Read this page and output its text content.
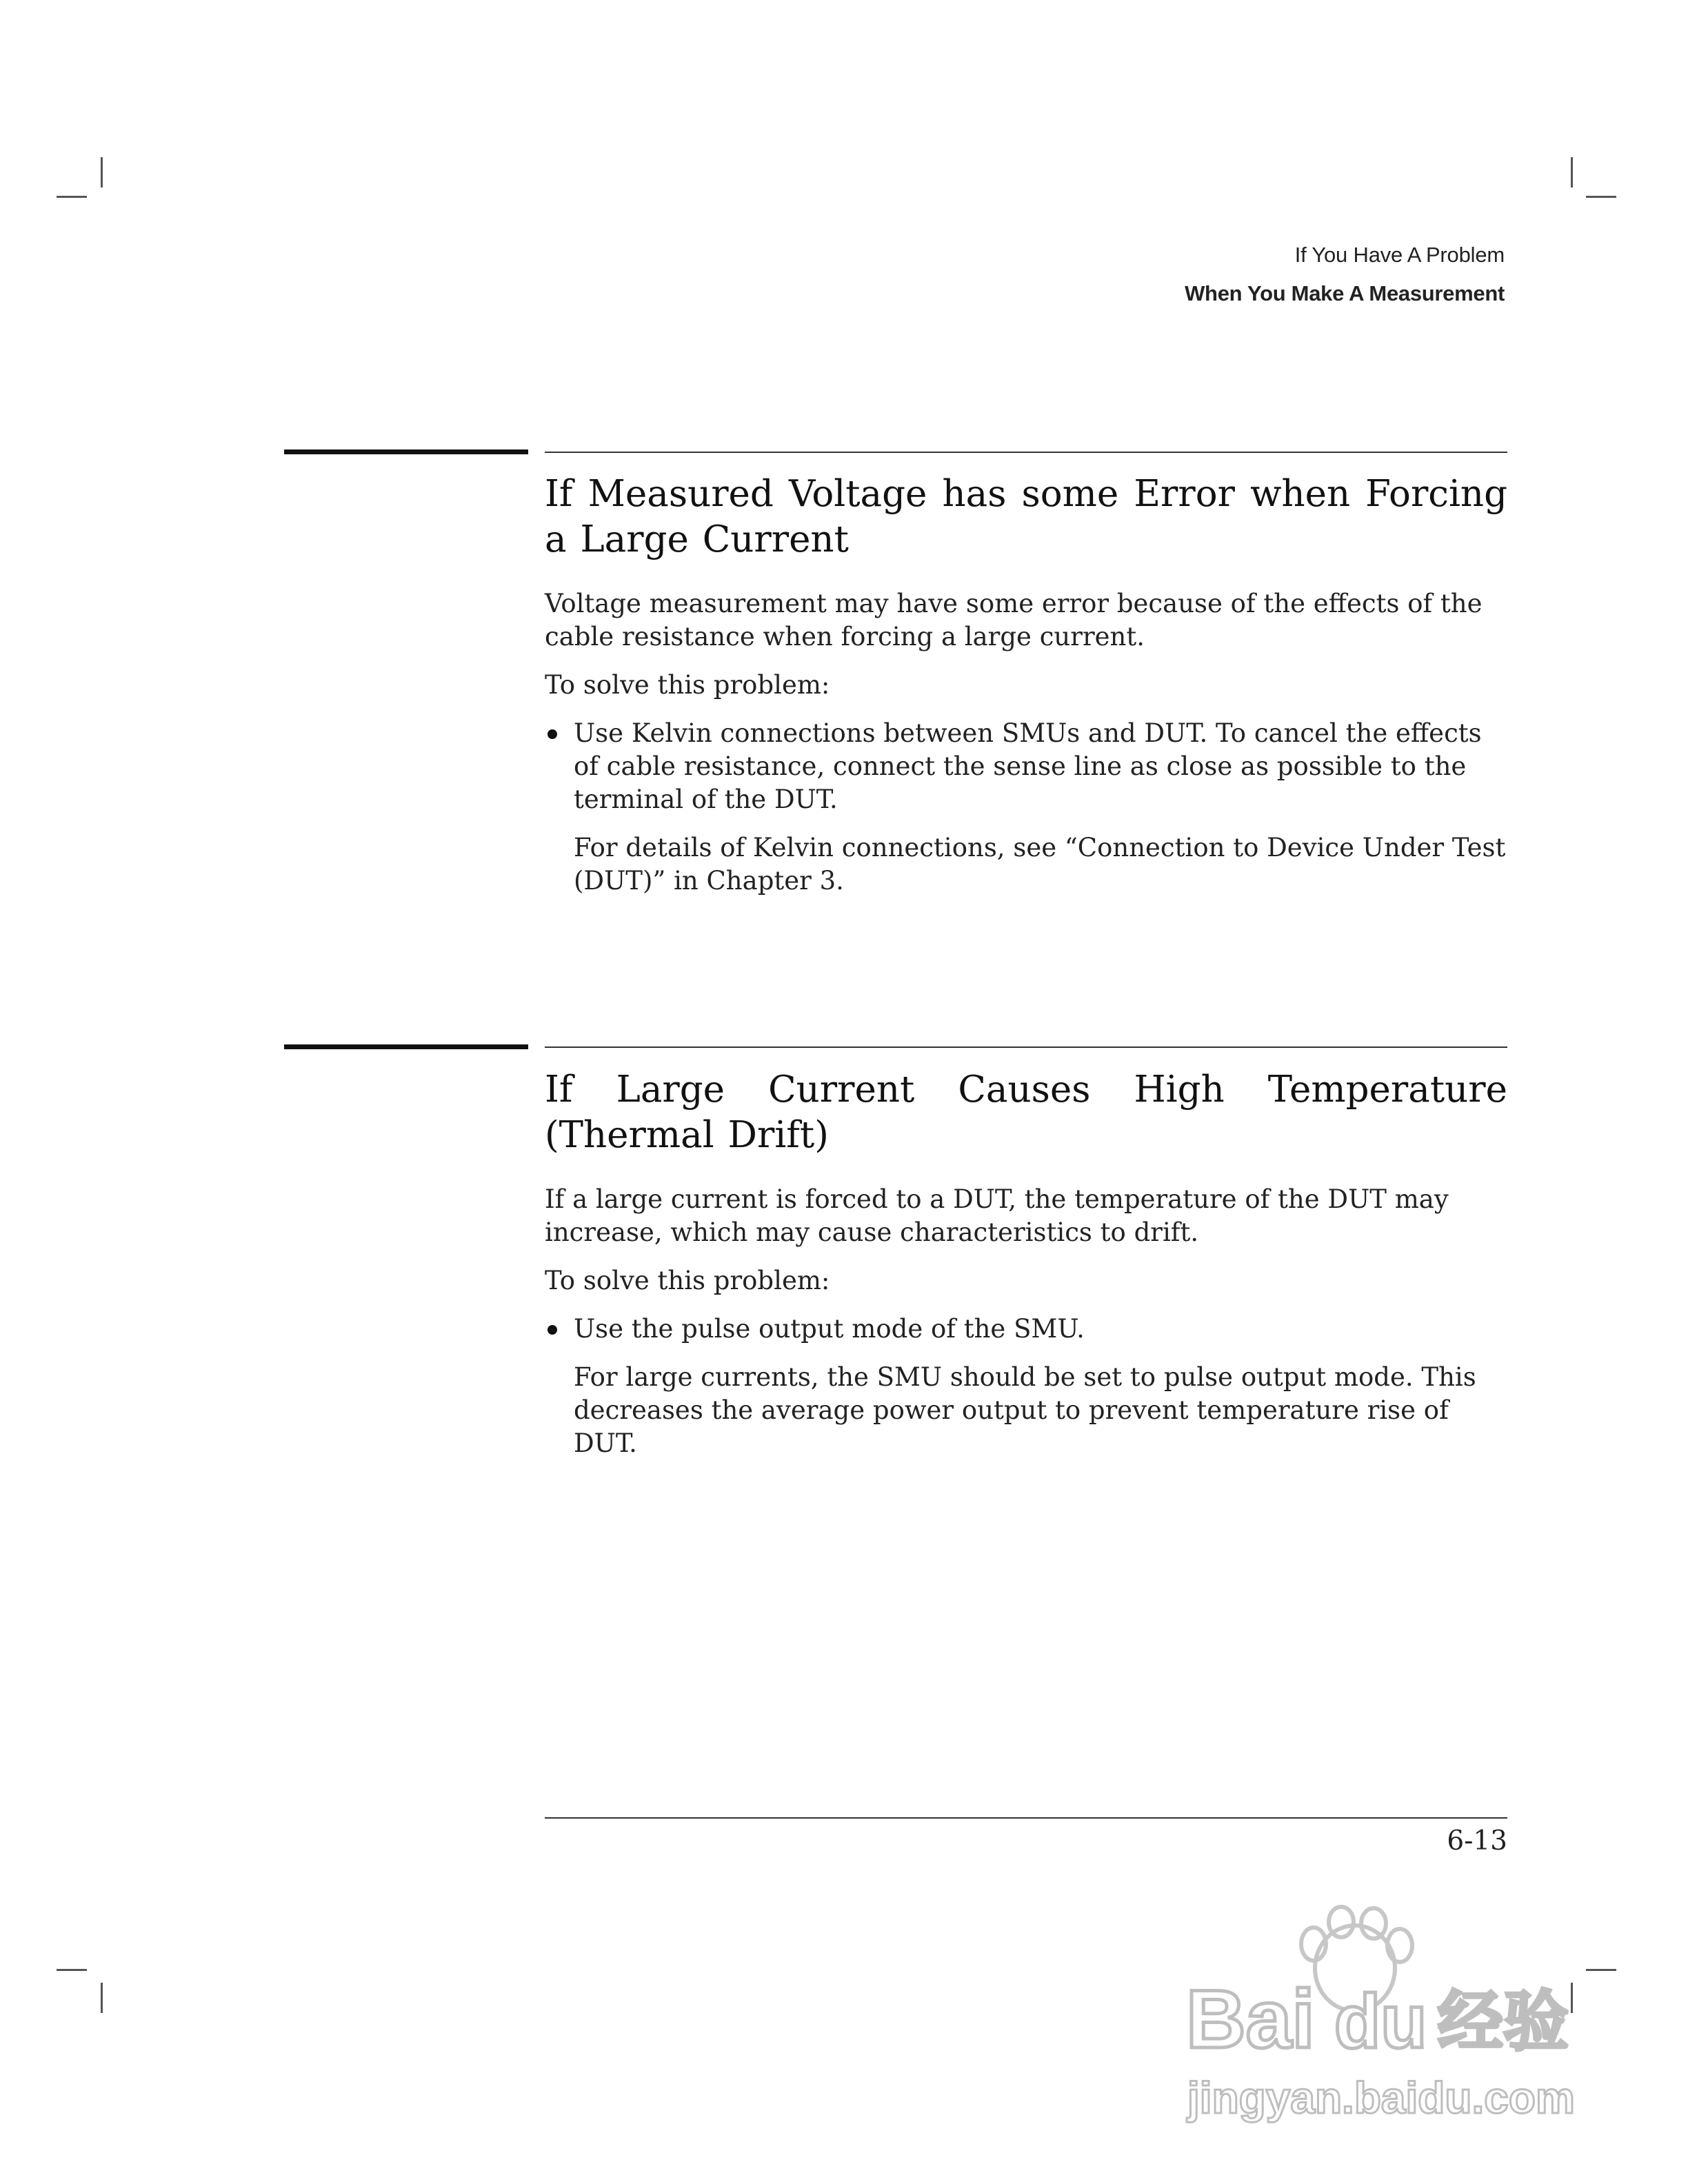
If You Have A Problem
When You Make A Measurement
If Measured Voltage has some Error when Forcing a Large Current

Voltage measurement may have some error because of the effects of the cable resistance when forcing a large current.

To solve this problem:

Use Kelvin connections between SMUs and DUT. To cancel the effects of cable resistance, connect the sense line as close as possible to the terminal of the DUT.

For details of Kelvin connections, see “Connection to Device Under Test (DUT)” in Chapter 3.

If Large Current Causes High Temperature (Thermal Drift)

If a large current is forced to a DUT, the temperature of the DUT may increase, which may cause characteristics to drift.

To solve this problem:

Use the pulse output mode of the SMU.

For large currents, the SMU should be set to pulse output mode. This decreases the average power output to prevent temperature rise of DUT.

6-13
Bai du 经验
jingyan.baidu.com
